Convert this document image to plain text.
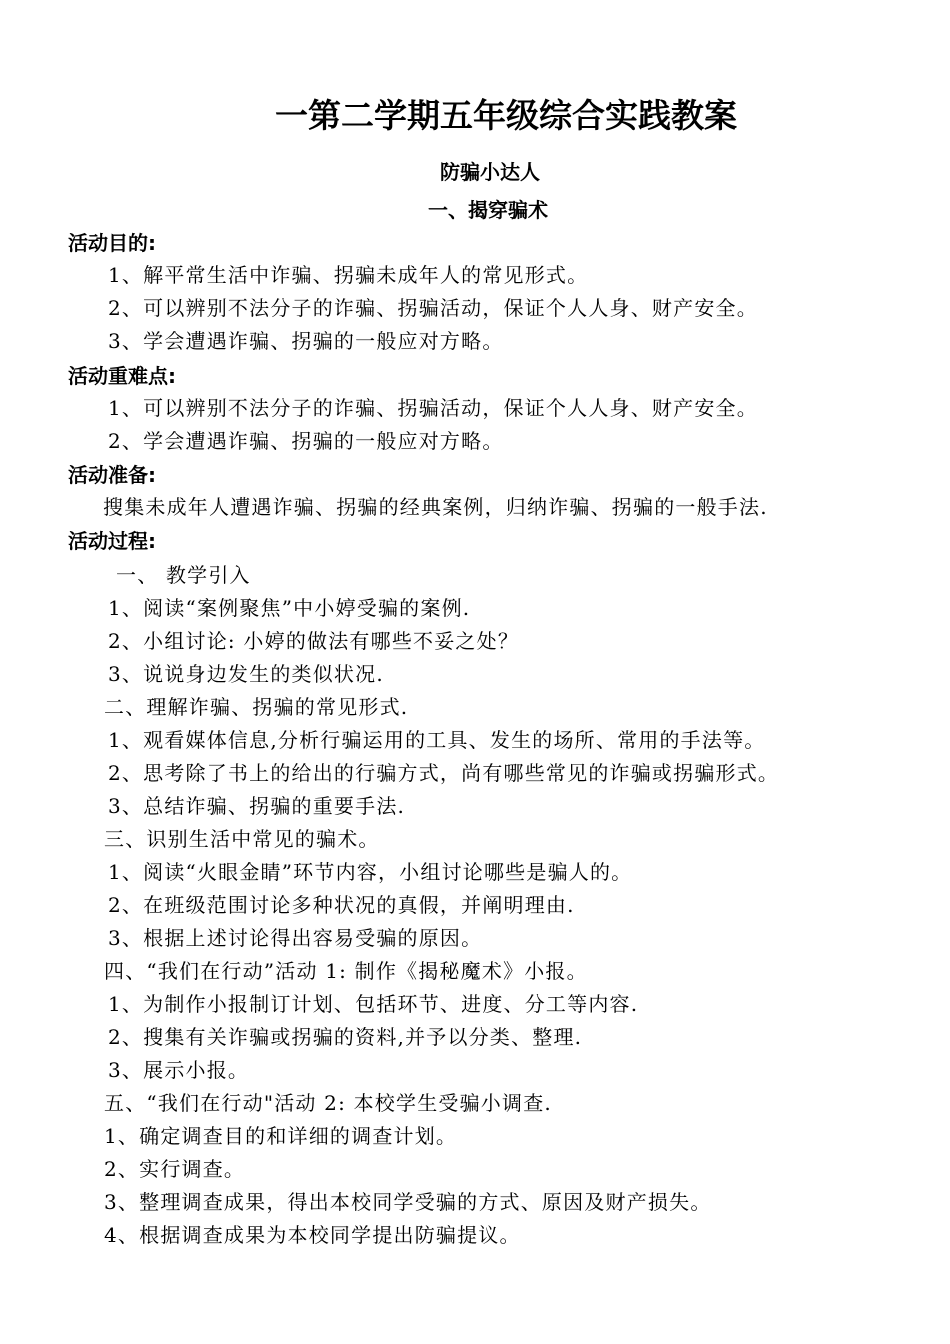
一第二学期五年级综合实践教案
防骗小达人
一、揭穿骗术
活动目的:
1、解平常生活中诈骗、拐骗未成年人的常见形式。
2、可以辨别不法分子的诈骗、拐骗活动，保证个人人身、财产安全。
3、学会遭遇诈骗、拐骗的一般应对方略。
活动重难点:
1、可以辨别不法分子的诈骗、拐骗活动，保证个人人身、财产安全。
2、学会遭遇诈骗、拐骗的一般应对方略。
活动准备:
搜集未成年人遭遇诈骗、拐骗的经典案例，归纳诈骗、拐骗的一般手法.
活动过程:
一、 教学引入
1、阅读“案例聚焦”中小婷受骗的案例.
2、小组讨论: 小婷的做法有哪些不妥之处？
3、说说身边发生的类似状况.
二、理解诈骗、拐骗的常见形式.
1、观看媒体信息,分析行骗运用的工具、发生的场所、常用的手法等。
2、思考除了书上的给出的行骗方式，尚有哪些常见的诈骗或拐骗形式。
3、总结诈骗、拐骗的重要手法.
三、识别生活中常见的骗术。
1、阅读“火眼金睛”环节内容，小组讨论哪些是骗人的。
2、在班级范围讨论多种状况的真假，并阐明理由.
3、根据上述讨论得出容易受骗的原因。
四、“我们在行动”活动 1: 制作《揭秘魔术》小报。
1、为制作小报制订计划、包括环节、进度、分工等内容.
2、搜集有关诈骗或拐骗的资料,并予以分类、整理.
3、展示小报。
五、“我们在行动"活动 2: 本校学生受骗小调查.
1、确定调查目的和详细的调查计划。
2、实行调查。
3、整理调查成果，得出本校同学受骗的方式、原因及财产损失。
4、根据调查成果为本校同学提出防骗提议。
